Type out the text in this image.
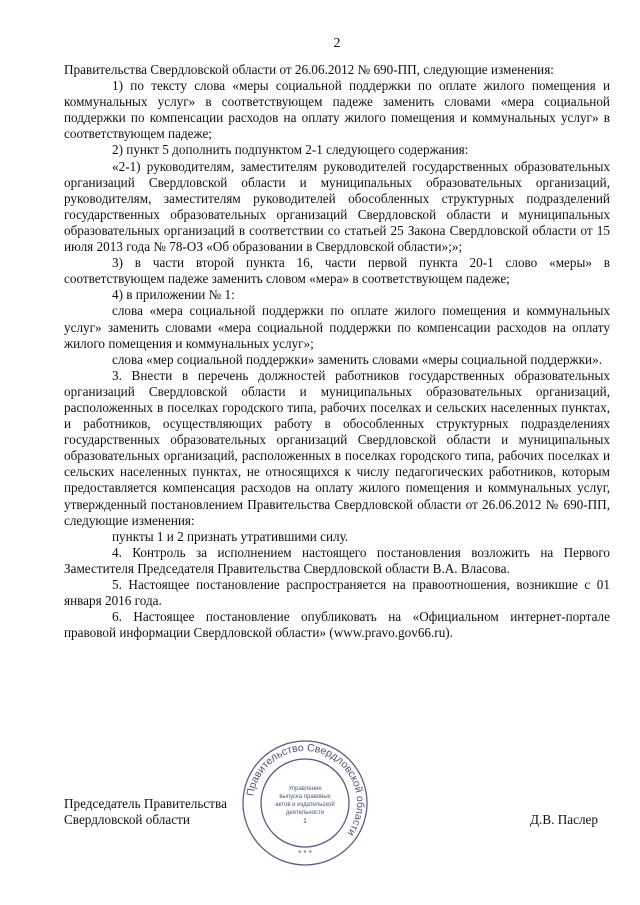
2

Правительства Свердловской области от 26.06.2012 № 690-ПП, следующие изменения:

1) по тексту слова «меры социальной поддержки по оплате жилого помещения и коммунальных услуг» в соответствующем падеже заменить словами «мера социальной поддержки по компенсации расходов на оплату жилого помещения и коммунальных услуг» в соответствующем падеже;

2) пункт 5 дополнить подпунктом 2-1 следующего содержания:

«2-1) руководителям, заместителям руководителей государственных образовательных организаций Свердловской области и муниципальных образовательных организаций, руководителям, заместителям руководителей обособленных структурных подразделений государственных образовательных организаций Свердловской области и муниципальных образовательных организаций в соответствии со статьей 25 Закона Свердловской области от 15 июля 2013 года № 78-ОЗ «Об образовании в Свердловской области»;»;

3) в части второй пункта 16, части первой пункта 20-1 слово «меры» в соответствующем падеже заменить словом «мера» в соответствующем падеже;

4) в приложении № 1:

слова «мера социальной поддержки по оплате жилого помещения и коммунальных услуг» заменить словами «мера социальной поддержки по компенсации расходов на оплату жилого помещения и коммунальных услуг»;

слова «мер социальной поддержки» заменить словами «меры социальной поддержки».

3. Внести в перечень должностей работников государственных образовательных организаций Свердловской области и муниципальных образовательных организаций, расположенных в поселках городского типа, рабочих поселках и сельских населенных пунктах, и работников, осуществляющих работу в обособленных структурных подразделениях государственных образовательных организаций Свердловской области и муниципальных образовательных организаций, расположенных в поселках городского типа, рабочих поселках и сельских населенных пунктах, не относящихся к числу педагогических работников, которым предоставляется компенсация расходов на оплату жилого помещения и коммунальных услуг, утвержденный постановлением Правительства Свердловской области от 26.06.2012 № 690-ПП, следующие изменения:

пункты 1 и 2 признать утратившими силу.

4. Контроль за исполнением настоящего постановления возложить на Первого Заместителя Председателя Правительства Свердловской области В.А. Власова.

5. Настоящее постановление распространяется на правоотношения, возникшие с 01 января 2016 года.

6. Настоящее постановление опубликовать на «Официальном интернет-портале правовой информации Свердловской области» (www.pravo.gov66.ru).

Председатель Правительства

Свердловской области	Д.В. Паслер
Правительство Свердловской области
Управление
выпуска правовых
актов и издательской
деятельности
1
* * *
